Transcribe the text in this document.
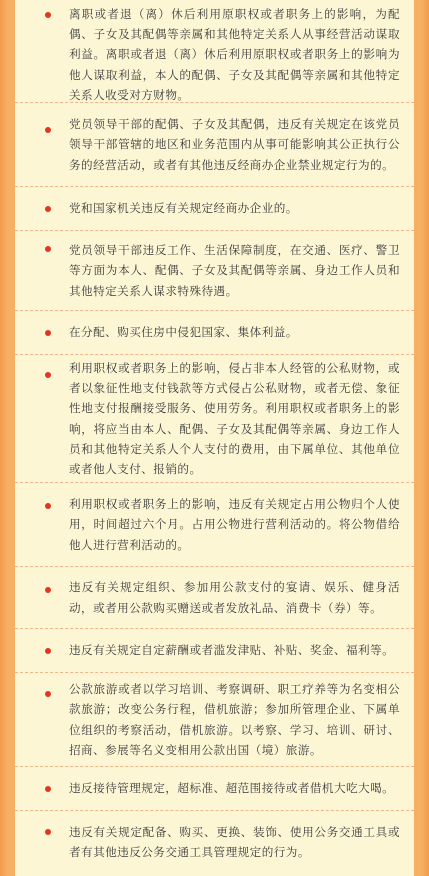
离职或者退（离）休后利用原职权或者职务上的影响，为配偶、子女及其配偶等亲属和其他特定关系人从事经营活动谋取利益。离职或者退（离）休后利用原职权或者职务上的影响为他人谋取利益，本人的配偶、子女及其配偶等亲属和其他特定关系人收受对方财物。
党员领导干部的配偶、子女及其配偶，违反有关规定在该党员领导干部管辖的地区和业务范围内从事可能影响其公正执行公务的经营活动，或者有其他违反经商办企业禁业规定行为的。
党和国家机关违反有关规定经商办企业的。
党员领导干部违反工作、生活保障制度，在交通、医疗、警卫等方面为本人、配偶、子女及其配偶等亲属、身边工作人员和其他特定关系人谋求特殊待遇。
在分配、购买住房中侵犯国家、集体利益。
利用职权或者职务上的影响，侵占非本人经管的公私财物，或者以象征性地支付钱款等方式侵占公私财物，或者无偿、象征性地支付报酬接受服务、使用劳务。利用职权或者职务上的影响，将应当由本人、配偶、子女及其配偶等亲属、身边工作人员和其他特定关系人个人支付的费用，由下属单位、其他单位或者他人支付、报销的。
利用职权或者职务上的影响，违反有关规定占用公物归个人使用，时间超过六个月。占用公物进行营利活动的。将公物借给他人进行营利活动的。
违反有关规定组织、参加用公款支付的宴请、娱乐、健身活动，或者用公款购买赠送或者发放礼品、消费卡（券）等。
违反有关规定自定薪酬或者滥发津贴、补贴、奖金、福利等。
公款旅游或者以学习培训、考察调研、职工疗养等为名变相公款旅游；改变公务行程，借机旅游；参加所管理企业、下属单位组织的考察活动，借机旅游。以考察、学习、培训、研讨、招商、参展等名义变相用公款出国（境）旅游。
违反接待管理规定，超标准、超范围接待或者借机大吃大喝。
违反有关规定配备、购买、更换、装饰、使用公务交通工具或者有其他违反公务交通工具管理规定的行为。
